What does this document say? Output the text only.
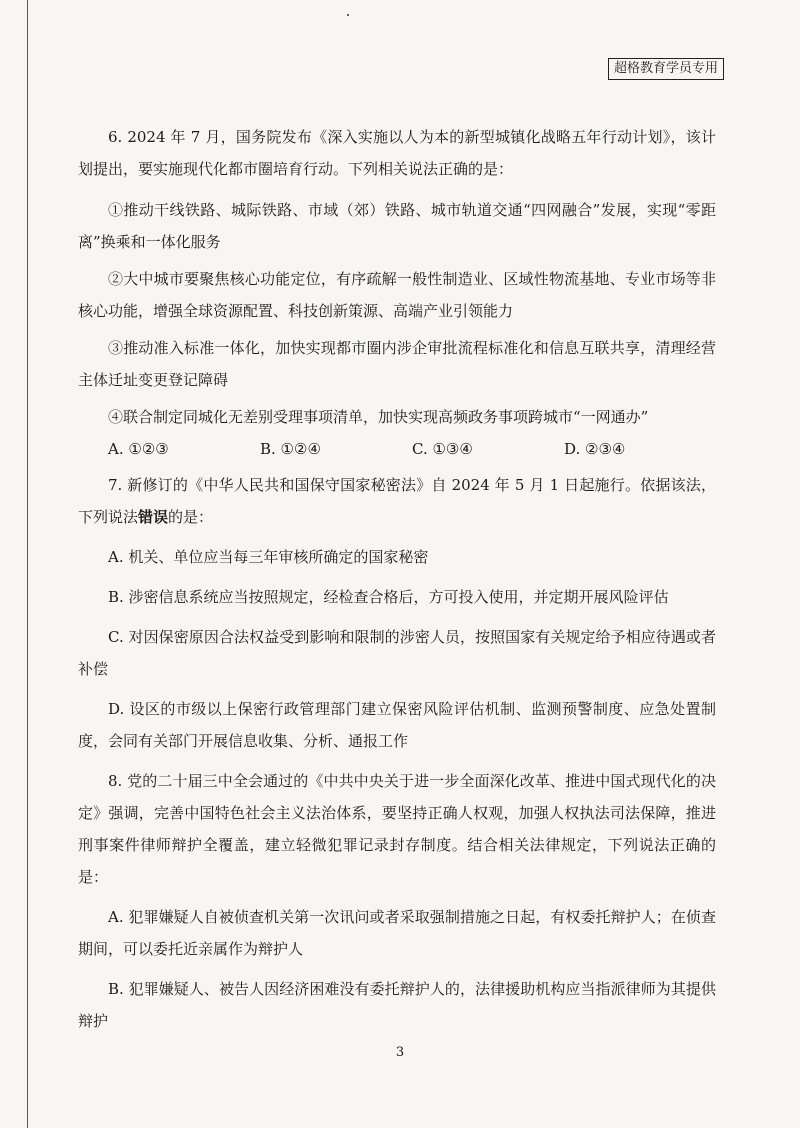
超格教育学员专用

6. 2024 年 7 月，国务院发布《深入实施以人为本的新型城镇化战略五年行动计划》，该计划提出，要实施现代化都市圈培育行动。下列相关说法正确的是：

①推动干线铁路、城际铁路、市域（郊）铁路、城市轨道交通“四网融合”发展，实现“零距离”换乘和一体化服务

②大中城市要聚焦核心功能定位，有序疏解一般性制造业、区域性物流基地、专业市场等非核心功能，增强全球资源配置、科技创新策源、高端产业引领能力

③推动准入标准一体化，加快实现都市圈内涉企审批流程标准化和信息互联共享，清理经营主体迁址变更登记障碍

④联合制定同城化无差别受理事项清单，加快实现高频政务事项跨城市“一网通办”

A. ①②③	B. ①②④	C. ①③④	D. ②③④

7. 新修订的《中华人民共和国保守国家秘密法》自 2024 年 5 月 1 日起施行。依据该法，下列说法错误的是：

A. 机关、单位应当每三年审核所确定的国家秘密

B. 涉密信息系统应当按照规定，经检查合格后，方可投入使用，并定期开展风险评估

C. 对因保密原因合法权益受到影响和限制的涉密人员，按照国家有关规定给予相应待遇或者补偿

D. 设区的市级以上保密行政管理部门建立保密风险评估机制、监测预警制度、应急处置制度，会同有关部门开展信息收集、分析、通报工作

8. 党的二十届三中全会通过的《中共中央关于进一步全面深化改革、推进中国式现代化的决定》强调，完善中国特色社会主义法治体系，要坚持正确人权观，加强人权执法司法保障，推进刑事案件律师辩护全覆盖，建立轻微犯罪记录封存制度。结合相关法律规定，下列说法正确的是：

A. 犯罪嫌疑人自被侦查机关第一次讯问或者采取强制措施之日起，有权委托辩护人；在侦查期间，可以委托近亲属作为辩护人

B. 犯罪嫌疑人、被告人因经济困难没有委托辩护人的，法律援助机构应当指派律师为其提供辩护

3
